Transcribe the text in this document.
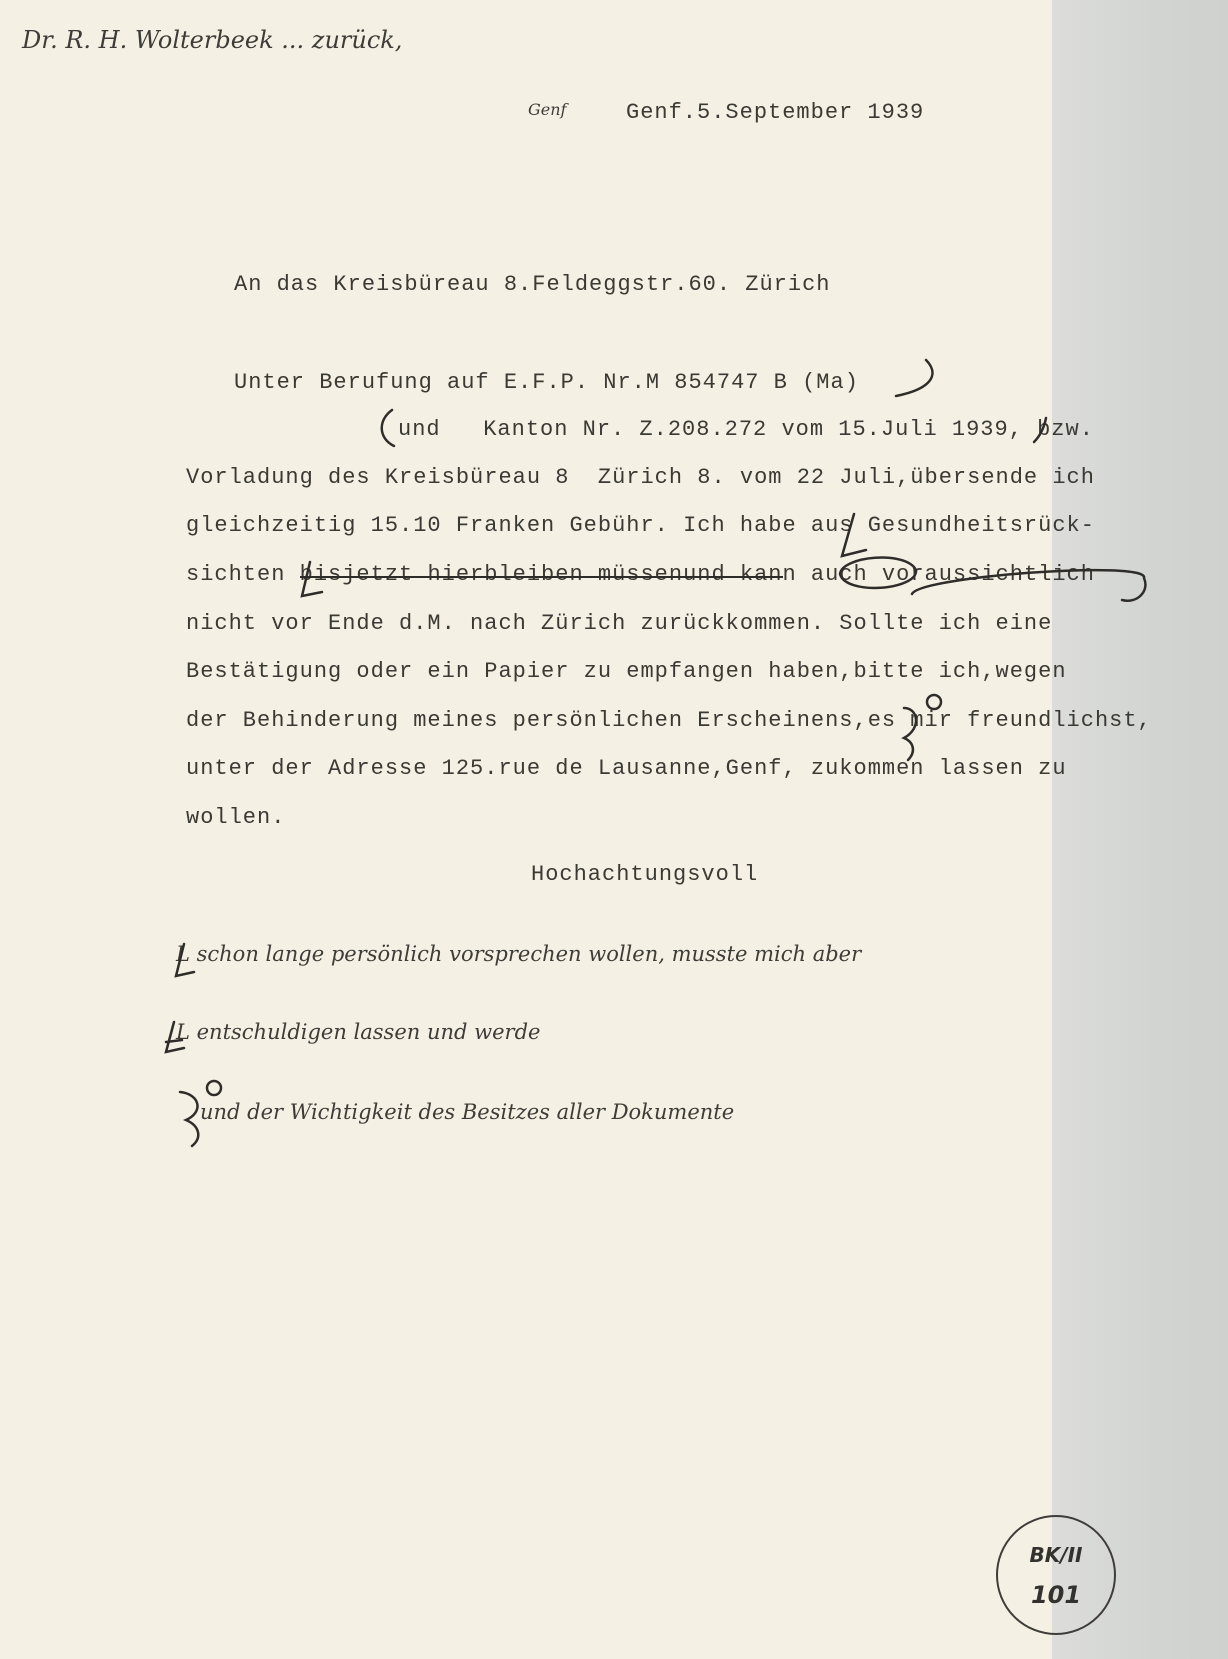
Dr. R. H. Wolterbeek ... zurück,
Genf	Genf.5.September 1939
An das Kreisbüreau 8.Feldeggstr.60. Zürich
Unter Berufung auf E.F.P. Nr.M 854747 B (Ma)
und   Kanton Nr. Z.208.272 vom 15.Juli 1939, bzw.
Vorladung des Kreisbüreau 8  Zürich 8. vom 22 Juli,übersende ich
gleichzeitig 15.10 Franken Gebühr. Ich habe aus Gesundheitsrück-
sichten bisjetzt hierbleiben müssenund kann auch voraussichtlich
nicht vor Ende d.M. nach Zürich zurückkommen. Sollte ich eine
Bestätigung oder ein Papier zu empfangen haben,bitte ich,wegen
der Behinderung meines persönlichen Erscheinens,es mir freundlichst,
unter der Adresse 125.rue de Lausanne,Genf, zukommen lassen zu
wollen.
Hochachtungsvoll
L schon lange persönlich vorsprechen wollen, musste mich aber
L entschuldigen lassen und werde
und der Wichtigkeit des Besitzes aller Dokumente
BK/II
101
